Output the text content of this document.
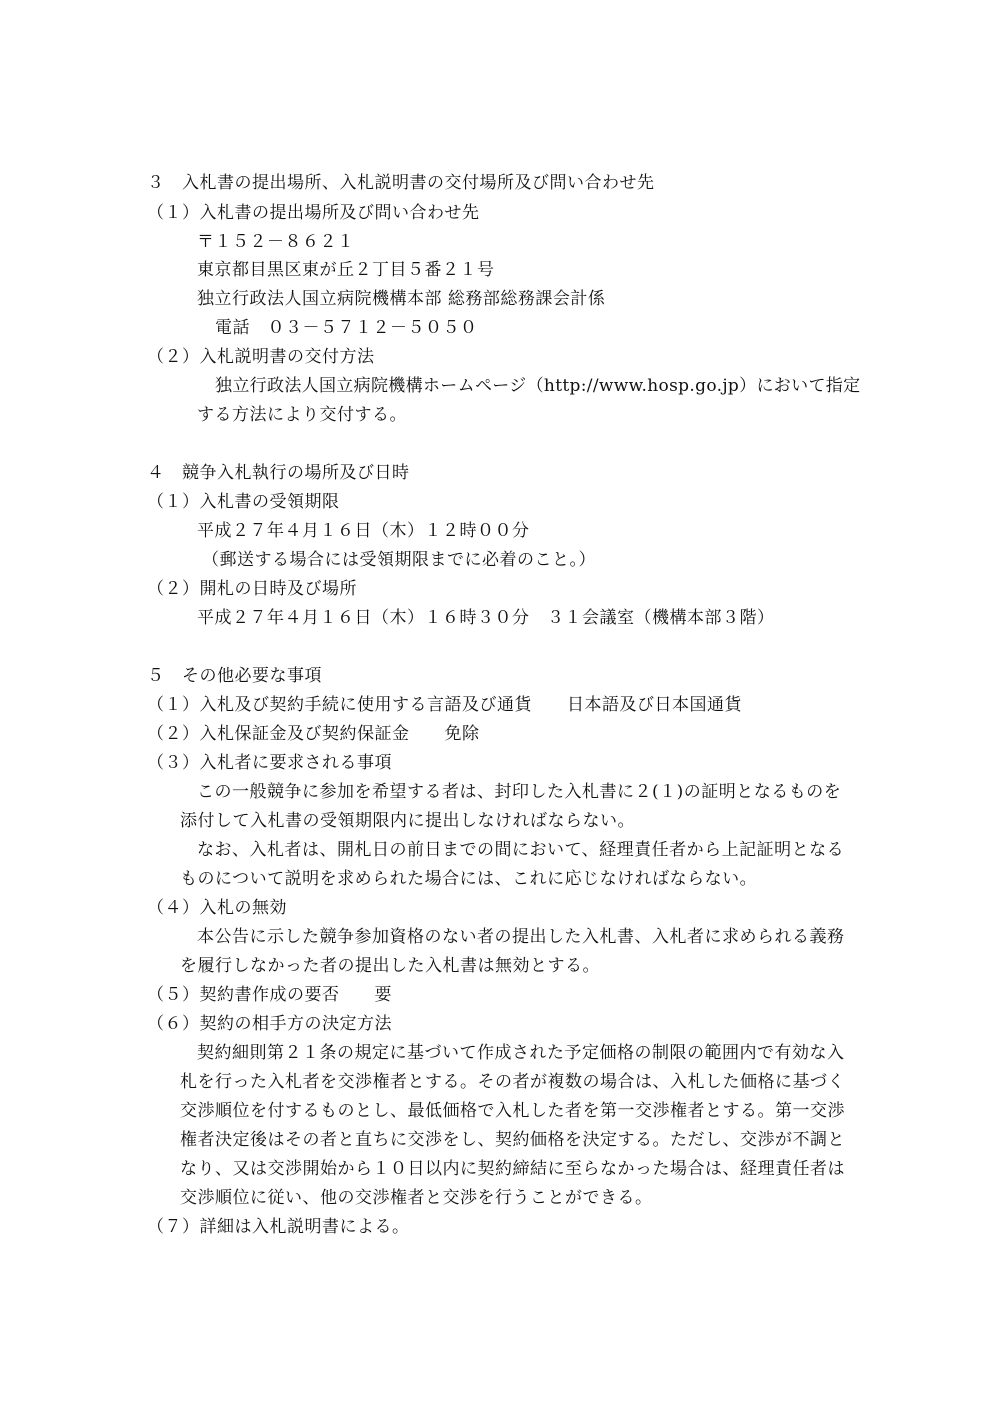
３　入札書の提出場所、入札説明書の交付場所及び問い合わせ先
（１）入札書の提出場所及び問い合わせ先
〒１５２－８６２１
東京都目黒区東が丘２丁目５番２１号
独立行政法人国立病院機構本部 総務部総務課会計係
電話　０３－５７１２－５０５０
（２）入札説明書の交付方法
独立行政法人国立病院機構ホームページ（http://www.hosp.go.jp）において指定
する方法により交付する。
４　競争入札執行の場所及び日時
（１）入札書の受領期限
平成２７年４月１６日（木）１２時００分
（郵送する場合には受領期限までに必着のこと。）
（２）開札の日時及び場所
平成２７年４月１６日（木）１６時３０分　３１会議室（機構本部３階）
５　その他必要な事項
（１）入札及び契約手続に使用する言語及び通貨　　日本語及び日本国通貨
（２）入札保証金及び契約保証金　　免除
（３）入札者に要求される事項
この一般競争に参加を希望する者は、封印した入札書に２(１)の証明となるものを
添付して入札書の受領期限内に提出しなければならない。
なお、入札者は、開札日の前日までの間において、経理責任者から上記証明となる
ものについて説明を求められた場合には、これに応じなければならない。
（４）入札の無効
本公告に示した競争参加資格のない者の提出した入札書、入札者に求められる義務
を履行しなかった者の提出した入札書は無効とする。
（５）契約書作成の要否　　要
（６）契約の相手方の決定方法
契約細則第２１条の規定に基づいて作成された予定価格の制限の範囲内で有効な入
札を行った入札者を交渉権者とする。その者が複数の場合は、入札した価格に基づく
交渉順位を付するものとし、最低価格で入札した者を第一交渉権者とする。第一交渉
権者決定後はその者と直ちに交渉をし、契約価格を決定する。ただし、交渉が不調と
なり、又は交渉開始から１０日以内に契約締結に至らなかった場合は、経理責任者は
交渉順位に従い、他の交渉権者と交渉を行うことができる。
（７）詳細は入札説明書による。
